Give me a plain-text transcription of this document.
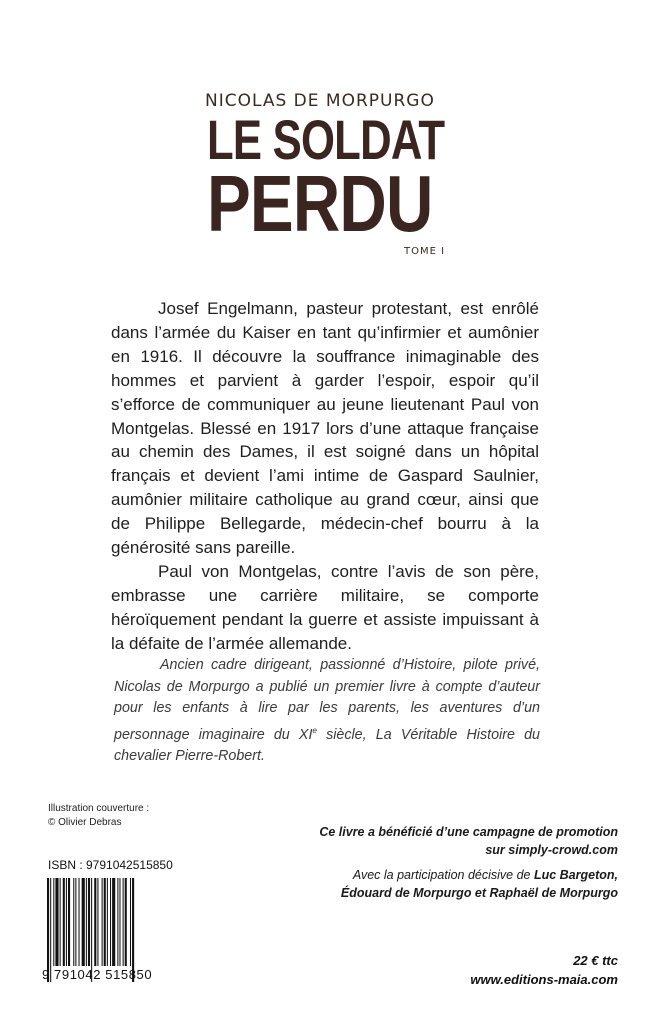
NICOLAS DE MORPURGO
LE SOLDAT
PERDU
TOME I

Josef Engelmann, pasteur protestant, est enrôlé dans l’armée du Kaiser en tant qu’infirmier et aumônier en 1916. Il découvre la souffrance inimaginable des hommes et parvient à garder l’espoir, espoir qu’il s’efforce de communiquer au jeune lieutenant Paul von Montgelas. Blessé en 1917 lors d’une attaque française au chemin des Dames, il est soigné dans un hôpital français et devient l’ami intime de Gaspard Saulnier, aumônier militaire catholique au grand cœur, ainsi que de Philippe Bellegarde, médecin-chef bourru à la générosité sans pareille.

Paul von Montgelas, contre l’avis de son père, embrasse une carrière militaire, se comporte héroïquement pendant la guerre et assiste impuissant à la défaite de l’armée allemande.

Ancien cadre dirigeant, passionné d’Histoire, pilote privé, Nicolas de Morpurgo a publié un premier livre à compte d’auteur pour les enfants à lire par les parents, les aventures d’un personnage imaginaire du XIe siècle, La Véritable Histoire du chevalier Pierre-Robert.
Illustration couverture :
© Olivier Debras
Ce livre a bénéficié d’une campagne de promotion
sur simply-crowd.com
Avec la participation décisive de Luc Bargeton,
Édouard de Morpurgo et Raphaël de Morpurgo
ISBN : 9791042515850
9 791042 515850
22 € ttc
www.editions-maia.com
